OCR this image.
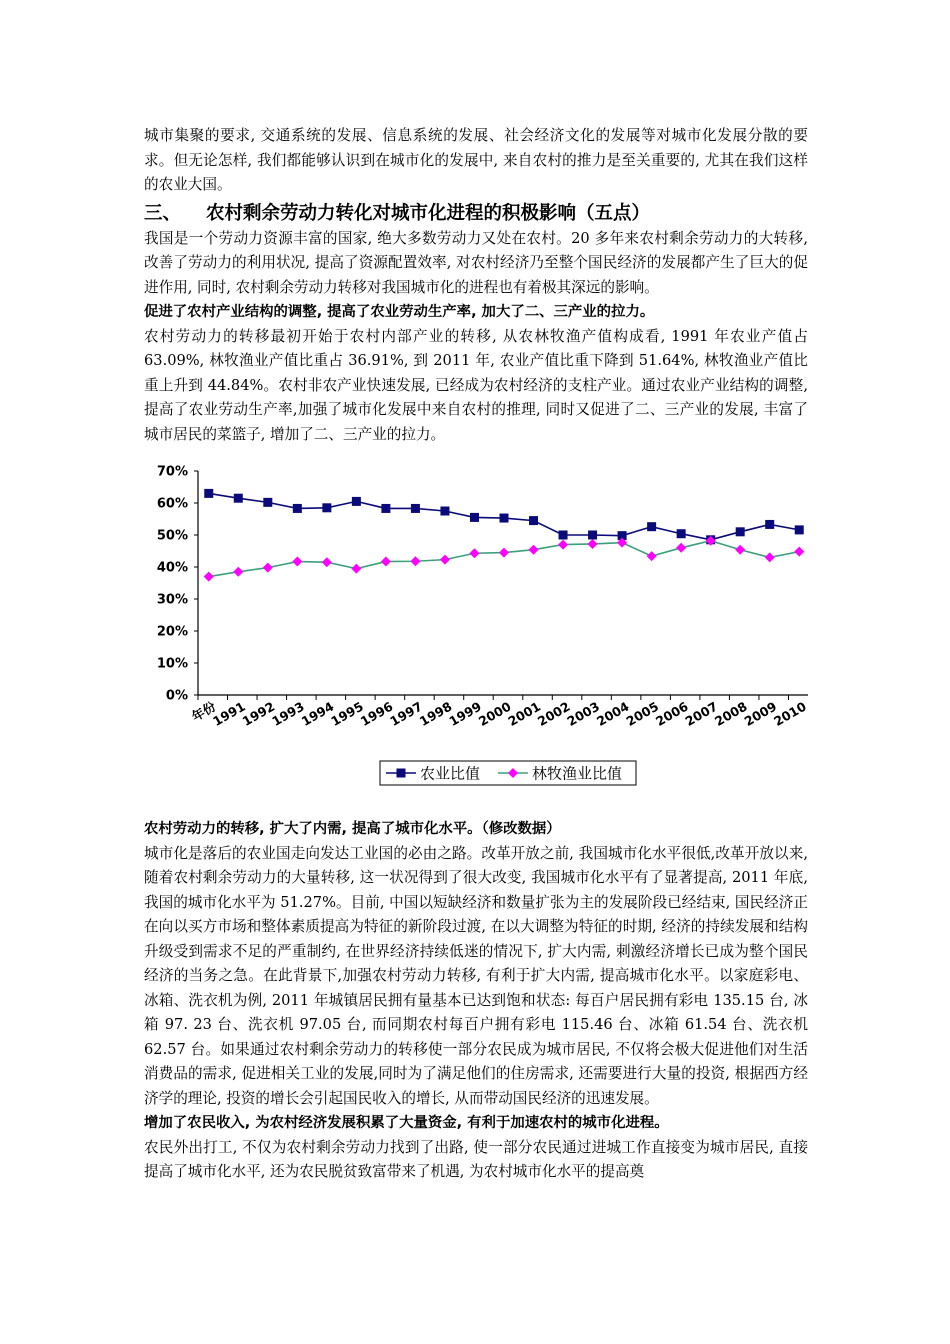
城市集聚的要求, 交通系统的发展、信息系统的发展、社会经济文化的发展等对城市化发展分散的要求。但无论怎样, 我们都能够认识到在城市化的发展中, 来自农村的推力是至关重要的, 尤其在我们这样的农业大国。

三、	农村剩余劳动力转化对城市化进程的积极影响（五点）

我国是一个劳动力资源丰富的国家, 绝大多数劳动力又处在农村。20 多年来农村剩余劳动力的大转移, 改善了劳动力的利用状况, 提高了资源配置效率, 对农村经济乃至整个国民经济的发展都产生了巨大的促进作用, 同时, 农村剩余劳动力转移对我国城市化的进程也有着极其深远的影响。

促进了农村产业结构的调整, 提高了农业劳动生产率, 加大了二、三产业的拉力。

农村劳动力的转移最初开始于农村内部产业的转移, 从农林牧渔产值构成看, 1991 年农业产值占 63.09%, 林牧渔业产值比重占 36.91%, 到 2011 年, 农业产值比重下降到 51.64%, 林牧渔业产值比重上升到 44.84%。农村非农产业快速发展, 已经成为农村经济的支柱产业。通过农业产业结构的调整, 提高了农业劳动生产率,加强了城市化发展中来自农村的推理, 同时又促进了二、三产业的发展, 丰富了城市居民的菜篮子, 增加了二、三产业的拉力。

0%
10%
20%
30%
40%
50%
60%
70%
年份
1991
1992
1993
1994
1995
1996
1997
1998
1999
2000
2001
2002
2003
2004
2005
2006
2007
2008
2009
2010
农业比值	林牧渔业比值

农村劳动力的转移, 扩大了内需, 提高了城市化水平。（修改数据）

城市化是落后的农业国走向发达工业国的必由之路。改革开放之前, 我国城市化水平很低,改革开放以来, 随着农村剩余劳动力的大量转移, 这一状况得到了很大改变, 我国城市化水平有了显著提高, 2011 年底, 我国的城市化水平为 51.27%。目前, 中国以短缺经济和数量扩张为主的发展阶段已经结束, 国民经济正在向以买方市场和整体素质提高为特征的新阶段过渡, 在以大调整为特征的时期, 经济的持续发展和结构升级受到需求不足的严重制约, 在世界经济持续低迷的情况下, 扩大内需, 刺激经济增长已成为整个国民经济的当务之急。在此背景下,加强农村劳动力转移, 有利于扩大内需, 提高城市化水平。以家庭彩电、冰箱、洗衣机为例, 2011 年城镇居民拥有量基本已达到饱和状态: 每百户居民拥有彩电 135.15 台, 冰箱 97. 23 台、洗衣机 97.05 台, 而同期农村每百户拥有彩电 115.46 台、冰箱 61.54 台、洗衣机 62.57 台。如果通过农村剩余劳动力的转移使一部分农民成为城市居民, 不仅将会极大促进他们对生活消费品的需求, 促进相关工业的发展,同时为了满足他们的住房需求, 还需要进行大量的投资, 根据西方经济学的理论, 投资的增长会引起国民收入的增长, 从而带动国民经济的迅速发展。

增加了农民收入, 为农村经济发展积累了大量资金, 有利于加速农村的城市化进程。

农民外出打工, 不仅为农村剩余劳动力找到了出路, 使一部分农民通过进城工作直接变为城市居民, 直接提高了城市化水平, 还为农民脱贫致富带来了机遇, 为农村城市化水平的提高奠
